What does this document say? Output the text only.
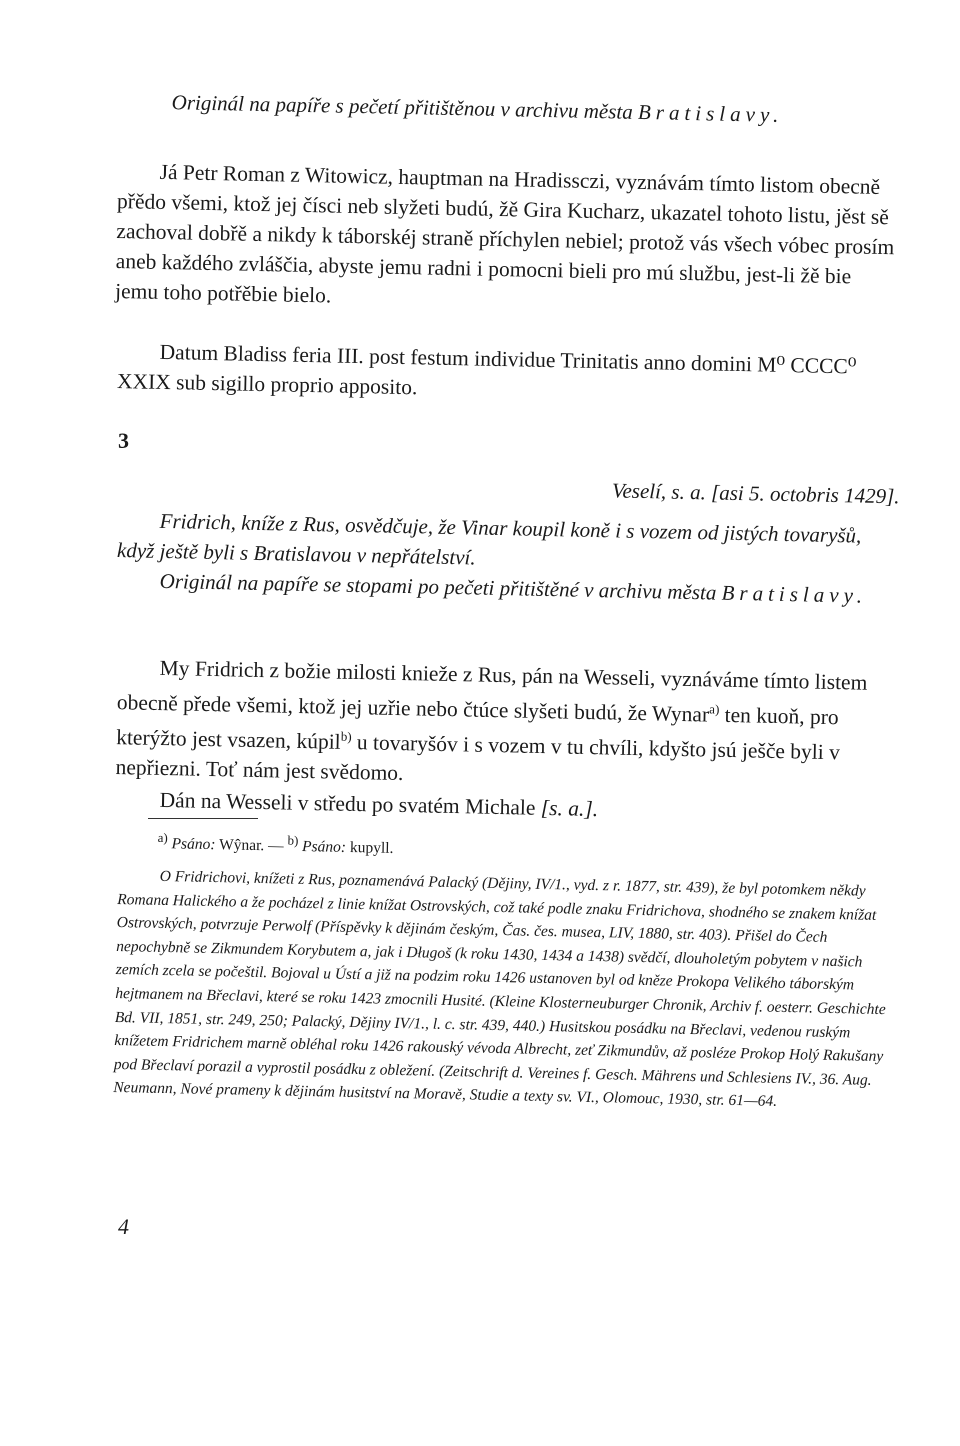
Originál na papíře s pečetí přitištěnou v archivu města Bratislavy.

Já Petr Roman z Witowicz, hauptman na Hradissczi, vyznávám tímto listom obecně přědo všemi, ktož jej čísci neb slyžeti budú, žě Gira Kucharz, ukazatel tohoto listu, jěst sě zachoval dobřě a nikdy k táborskéj straně příchylen nebiel; protož vás všech vóbec prosím aneb každého zvláščia, abyste jemu radni i pomocni bieli pro mú službu, jest-li žě bie jemu toho potřěbie bielo.

Datum Bladiss feria III. post festum individue Trinitatis anno domini M⁰ CCCC⁰ XXIX sub sigillo proprio apposito.

3

Veselí, s. a. [asi 5. octobris 1429].

Fridrich, kníže z Rus, osvědčuje, že Vinar koupil koně i s vozem od jistých tovaryšů, když ještě byli s Bratislavou v nepřátelství.

Originál na papíře se stopami po pečeti přitištěné v archivu města Bratislavy.

My Fridrich z božie milosti knieže z Rus, pán na Wesseli, vyznáváme tímto listem obecně přede všemi, ktož jej uzřie nebo čtúce slyšeti budú, že Wynar$^{a)}$ ten kuoň, pro kterýžto jest vsazen, kúpil$^{b)}$ u tovaryšóv i s vozem v tu chvíli, kdyšto jsú ješče byli v nepřiezni. Toť nám jest svědomo.

Dán na Wesseli v středu po svatém Michale [s. a.].

$^{a)}$ Psáno: Wŷnar. — $^{b)}$ Psáno: kupyll.

O Fridrichovi, knížeti z Rus, poznamenává Palacký (Dějiny, IV/1., vyd. z r. 1877, str. 439), že byl potomkem někdy Romana Halického a že pocházel z linie knížat Ostrovských, což také podle znaku Fridrichova, shodného se znakem knížat Ostrovských, potvrzuje Perwolf (Příspěvky k dějinám českým, Čas. čes. musea, LIV, 1880, str. 403). Přišel do Čech nepochybně se Zikmundem Korybutem a, jak i Długoš (k roku 1430, 1434 a 1438) svědčí, dlouholetým pobytem v našich zemích zcela se počeštil. Bojoval u Ústí a již na podzim roku 1426 ustanoven byl od kněze Prokopa Velikého táborským hejtmanem na Břeclavi, které se roku 1423 zmocnili Husité. (Kleine Klosterneuburger Chronik, Archiv f. oesterr. Geschichte Bd. VII, 1851, str. 249, 250; Palacký, Dějiny IV/1., l. c. str. 439, 440.) Husitskou posádku na Břeclavi, vedenou ruským knížetem Fridrichem marně obléhal roku 1426 rakouský vévoda Albrecht, zeť Zikmundův, až posléze Prokop Holý Rakušany pod Břeclaví porazil a vyprostil posádku z obležení. (Zeitschrift d. Vereines f. Gesch. Mährens und Schlesiens IV., 36. Aug. Neumann, Nové prameny k dějinám husitství na Moravě, Studie a texty sv. VI., Olomouc, 1930, str. 61—64.

4
